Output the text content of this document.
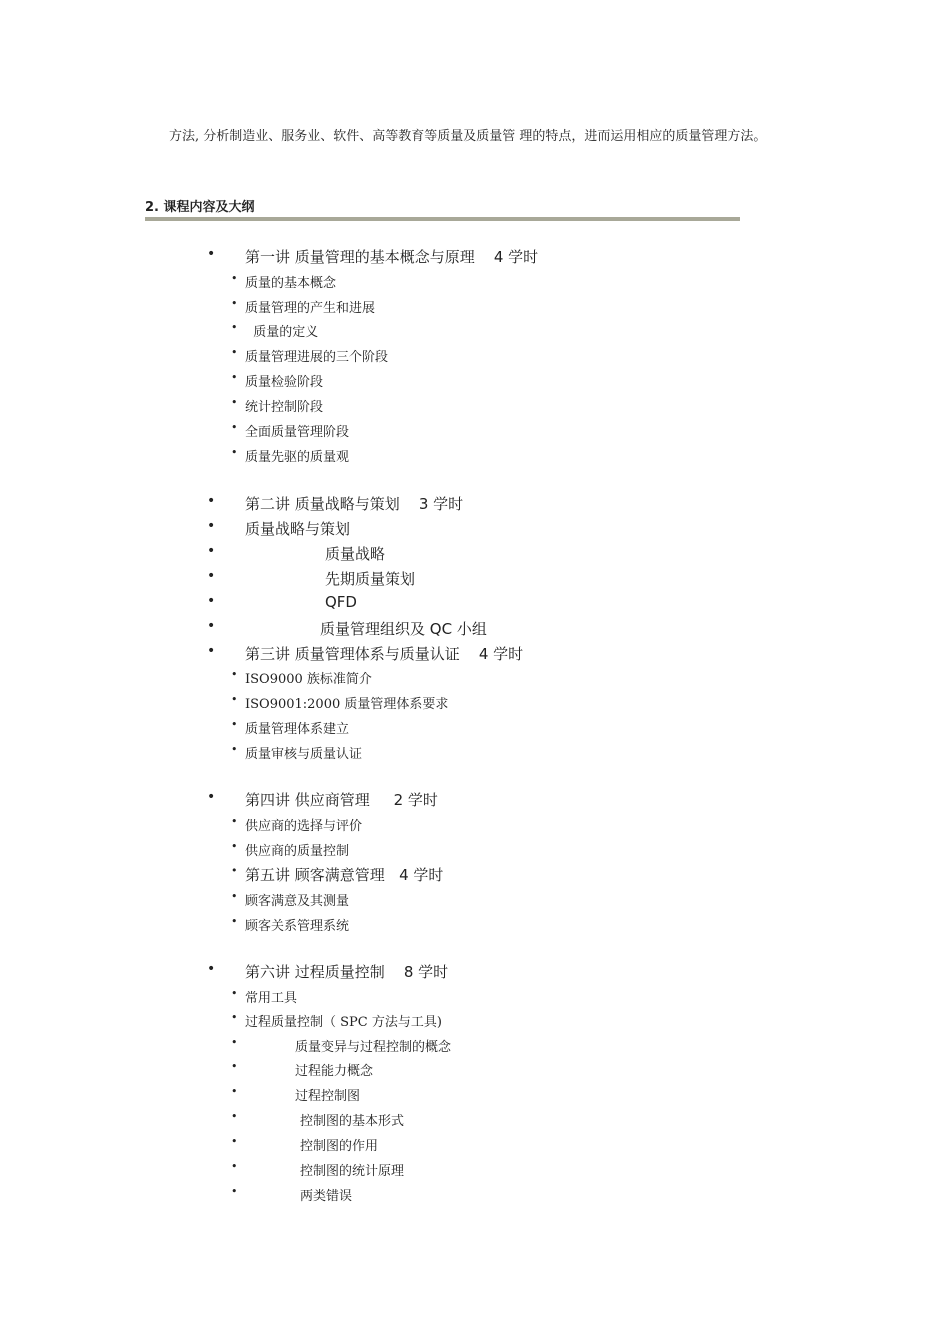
方法, 分析制造业、服务业、软件、高等教育等质量及质量管 理的特点，进而运用相应的质量管理方法。
2. 课程内容及大纲
• 第一讲 质量管理的基本概念与原理    4 学时
• 质量的基本概念
• 质量管理的产生和进展
• 质量的定义
• 质量管理进展的三个阶段
• 质量检验阶段
• 统计控制阶段
• 全面质量管理阶段
• 质量先驱的质量观
• 第二讲 质量战略与策划    3 学时
• 质量战略与策划
•	质量战略
•	先期质量策划
•	QFD
•	质量管理组织及 QC 小组
• 第三讲 质量管理体系与质量认证    4 学时
• ISO9000 族标准简介
• ISO9001:2000 质量管理体系要求
• 质量管理体系建立
• 质量审核与质量认证
• 第四讲 供应商管理     2 学时
• 供应商的选择与评价
• 供应商的质量控制
• 第五讲 顾客满意管理   4 学时
• 顾客满意及其测量
• 顾客关系管理系统
• 第六讲 过程质量控制    8 学时
• 常用工具
• 过程质量控制（ SPC 方法与工具)
•	质量变异与过程控制的概念
•	过程能力概念
•	过程控制图
•	控制图的基本形式
•	控制图的作用
•	控制图的统计原理
•	两类错误
